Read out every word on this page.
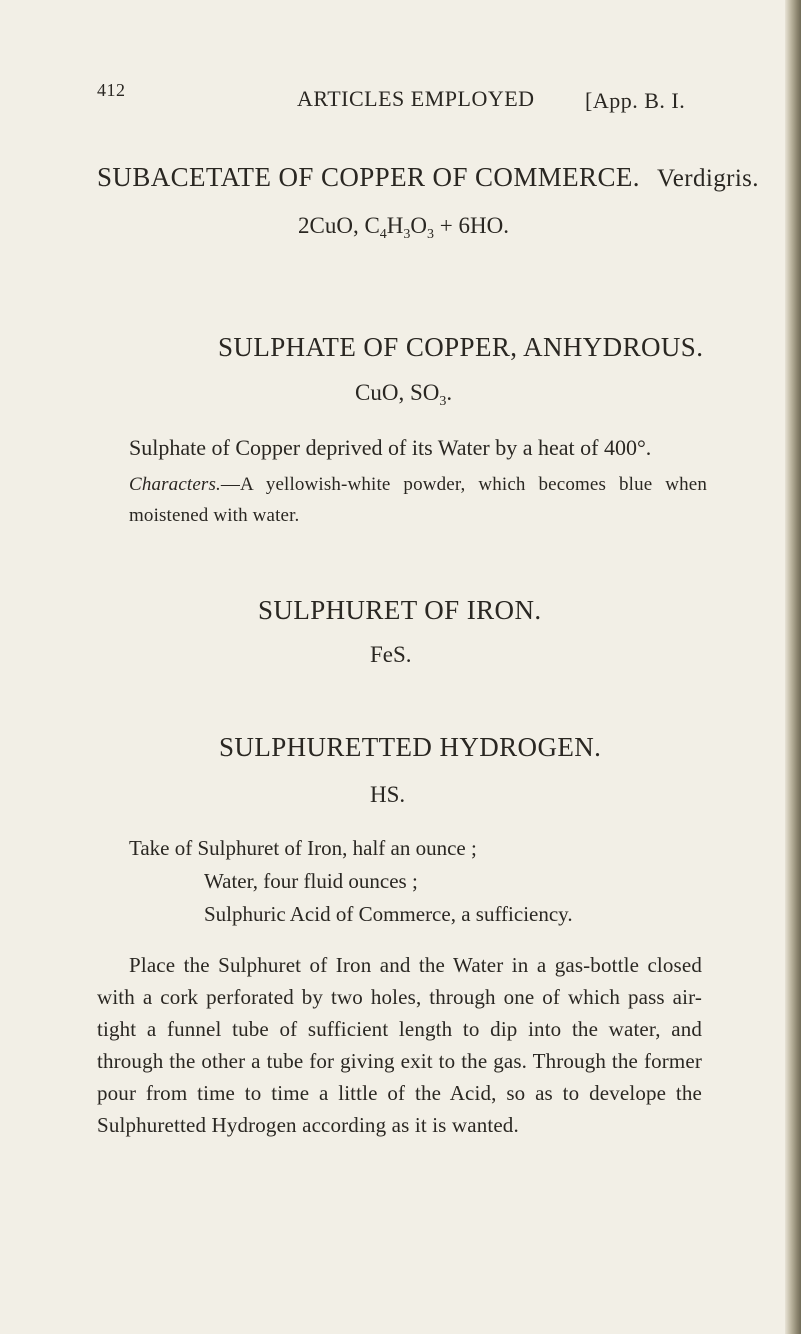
412	ARTICLES EMPLOYED [App. B. I.
SUBACETATE OF COPPER OF COMMERCE. Verdigris.
2CuO, $C_4H_3O_3 + 6HO$.
SULPHATE OF COPPER, ANHYDROUS.
CuO, $SO_3$.
Sulphate of Copper deprived of its Water by a heat of 400°.

Characters.—A yellowish-white powder, which becomes blue when moistened with water.

SULPHURET OF IRON.
FeS.
SULPHURETTED HYDROGEN.
HS.
Take of Sulphuret of Iron, half an ounce ;
Water, four fluid ounces ;
Sulphuric Acid of Commerce, a sufficiency.

Place the Sulphuret of Iron and the Water in a gas-bottle closed with a cork perforated by two holes, through one of which pass air-tight a funnel tube of sufficient length to dip into the water, and through the other a tube for giving exit to the gas. Through the former pour from time to time a little of the Acid, so as to develope the Sulphuretted Hydrogen according as it is wanted.
